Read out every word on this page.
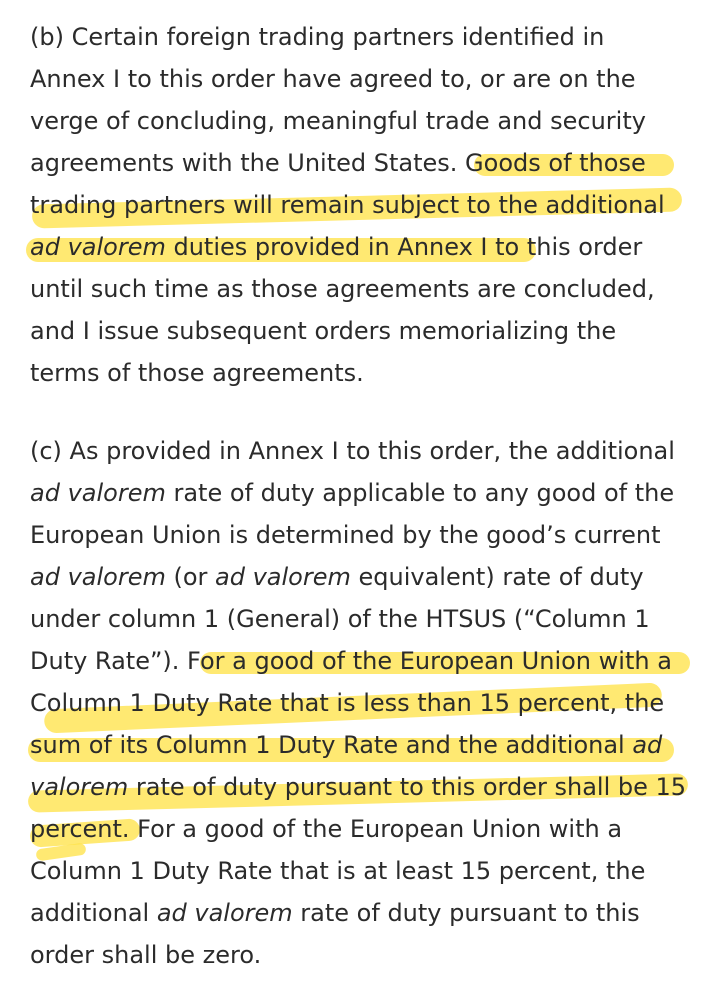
(b) Certain foreign trading partners identified in
Annex I to this order have agreed to, or are on the
verge of concluding, meaningful trade and security
agreements with the United States. Goods of those
trading partners will remain subject to the additional
ad valorem duties provided in Annex I to this order
until such time as those agreements are concluded,
and I issue subsequent orders memorializing the
terms of those agreements.
(c) As provided in Annex I to this order, the additional
ad valorem rate of duty applicable to any good of the
European Union is determined by the good’s current
ad valorem (or ad valorem equivalent) rate of duty
under column 1 (General) of the HTSUS (“Column 1
Duty Rate”). For a good of the European Union with a
Column 1 Duty Rate that is less than 15 percent, the
sum of its Column 1 Duty Rate and the additional ad
valorem rate of duty pursuant to this order shall be 15
percent. For a good of the European Union with a
Column 1 Duty Rate that is at least 15 percent, the
additional ad valorem rate of duty pursuant to this
order shall be zero.
